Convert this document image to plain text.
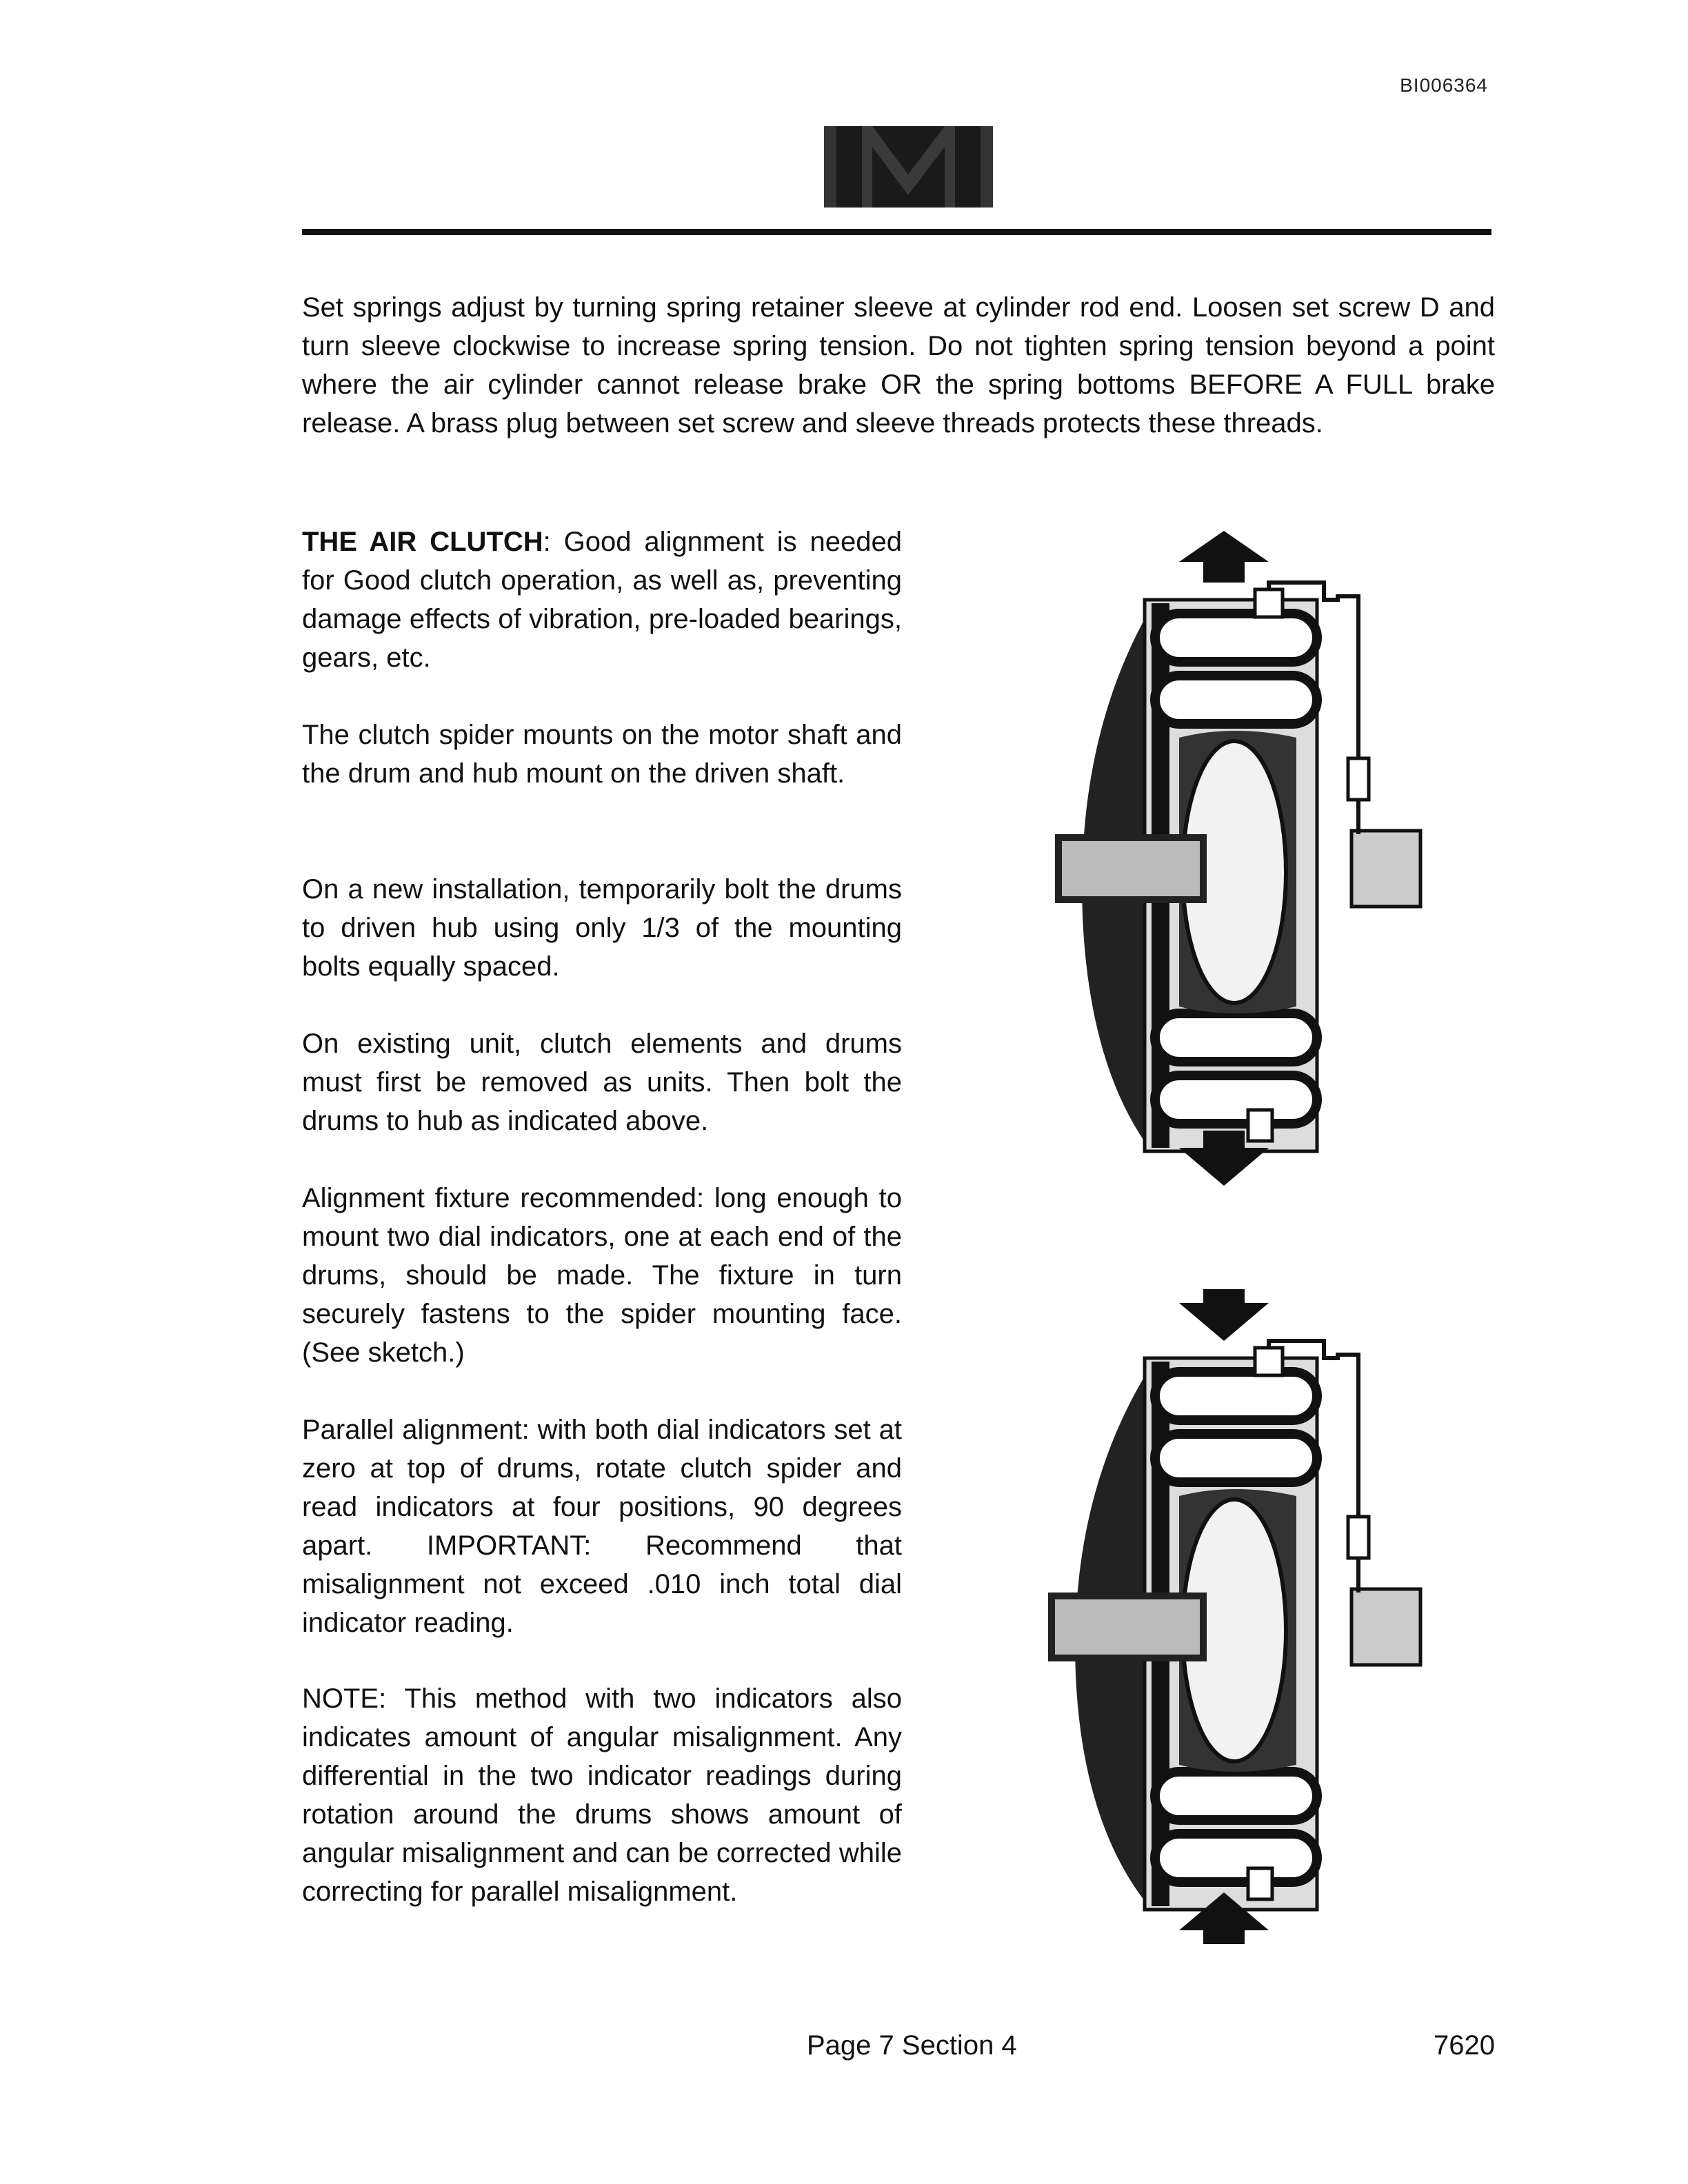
BI006364

Set springs adjust by turning spring retainer sleeve at cylinder rod end. Loosen set screw D and turn sleeve clockwise to increase spring tension. Do not tighten spring tension beyond a point where the air cylinder cannot release brake OR the spring bottoms BEFORE A FULL brake release. A brass plug between set screw and sleeve threads protects these threads.

THE AIR CLUTCH: Good alignment is needed for Good clutch operation, as well as, preventing damage effects of vibration, pre-loaded bearings, gears, etc.

The clutch spider mounts on the motor shaft and the drum and hub mount on the driven shaft.

On a new installation, temporarily bolt the drums to driven hub using only 1/3 of the mounting bolts equally spaced.

On existing unit, clutch elements and drums must first be removed as units. Then bolt the drums to hub as indicated above.

Alignment fixture recommended: long enough to mount two dial indicators, one at each end of the drums, should be made. The fixture in turn securely fastens to the spider mounting face. (See sketch.)

Parallel alignment: with both dial indicators set at zero at top of drums, rotate clutch spider and read indicators at four positions, 90 degrees apart. IMPORTANT: Recommend that misalignment not exceed .010 inch total dial indicator reading.

NOTE: This method with two indicators also indicates amount of angular misalignment. Any differential in the two indicator readings during rotation around the drums shows amount of angular misalignment and can be corrected while correcting for parallel misalignment.

Page 7 Section 4	7620
